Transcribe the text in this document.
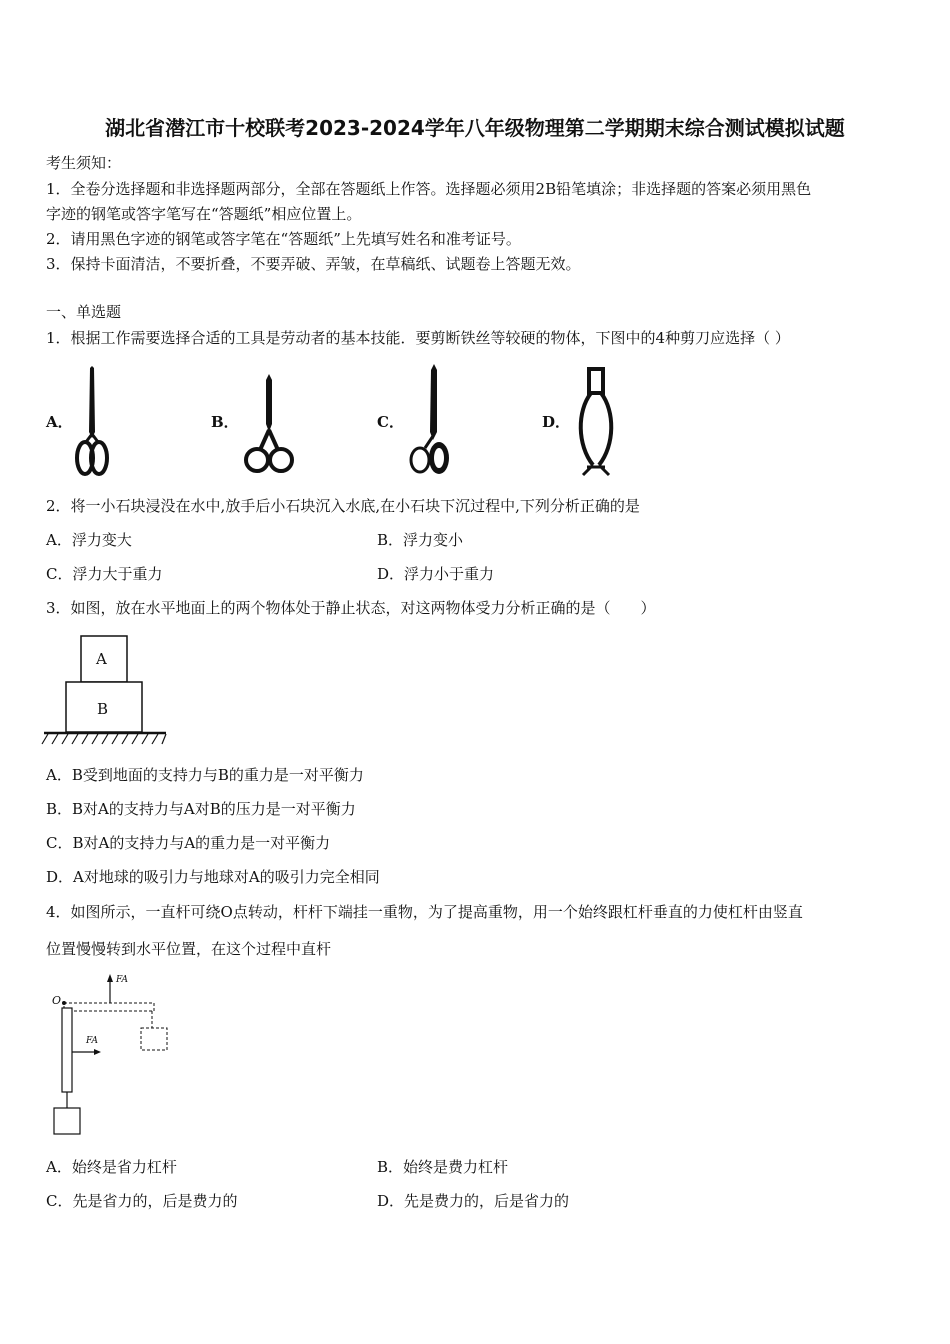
湖北省潜江市十校联考2023-2024学年八年级物理第二学期期末综合测试模拟试题
考生须知：
1．全卷分选择题和非选择题两部分，全部在答题纸上作答。选择题必须用2B铅笔填涂；非选择题的答案必须用黑色
字迹的钢笔或答字笔写在“答题纸”相应位置上。
2．请用黑色字迹的钢笔或答字笔在“答题纸”上先填写姓名和准考证号。
3．保持卡面清洁，不要折叠，不要弄破、弄皱，在草稿纸、试题卷上答题无效。
一、单选题
1．根据工作需要选择合适的工具是劳动者的基本技能．要剪断铁丝等较硬的物体，下图中的4种剪刀应选择（ ）
A．	B．	C．	D．
2．将一小石块浸没在水中,放手后小石块沉入水底,在小石块下沉过程中,下列分析正确的是
A．浮力变大	B．浮力变小
C．浮力大于重力	D．浮力小于重力
3．如图，放在水平地面上的两个物体处于静止状态，对这两物体受力分析正确的是（　　）
A
B
A．B受到地面的支持力与B的重力是一对平衡力
B．B对A的支持力与A对B的压力是一对平衡力
C．B对A的支持力与A的重力是一对平衡力
D．A对地球的吸引力与地球对A的吸引力完全相同
4．如图所示，一直杆可绕O点转动，杆杆下端挂一重物，为了提高重物，用一个始终跟杠杆垂直的力使杠杆由竖直
位置慢慢转到水平位置，在这个过程中直杆
O
FA
FA
A．始终是省力杠杆	B．始终是费力杠杆
C．先是省力的，后是费力的	D．先是费力的，后是省力的
